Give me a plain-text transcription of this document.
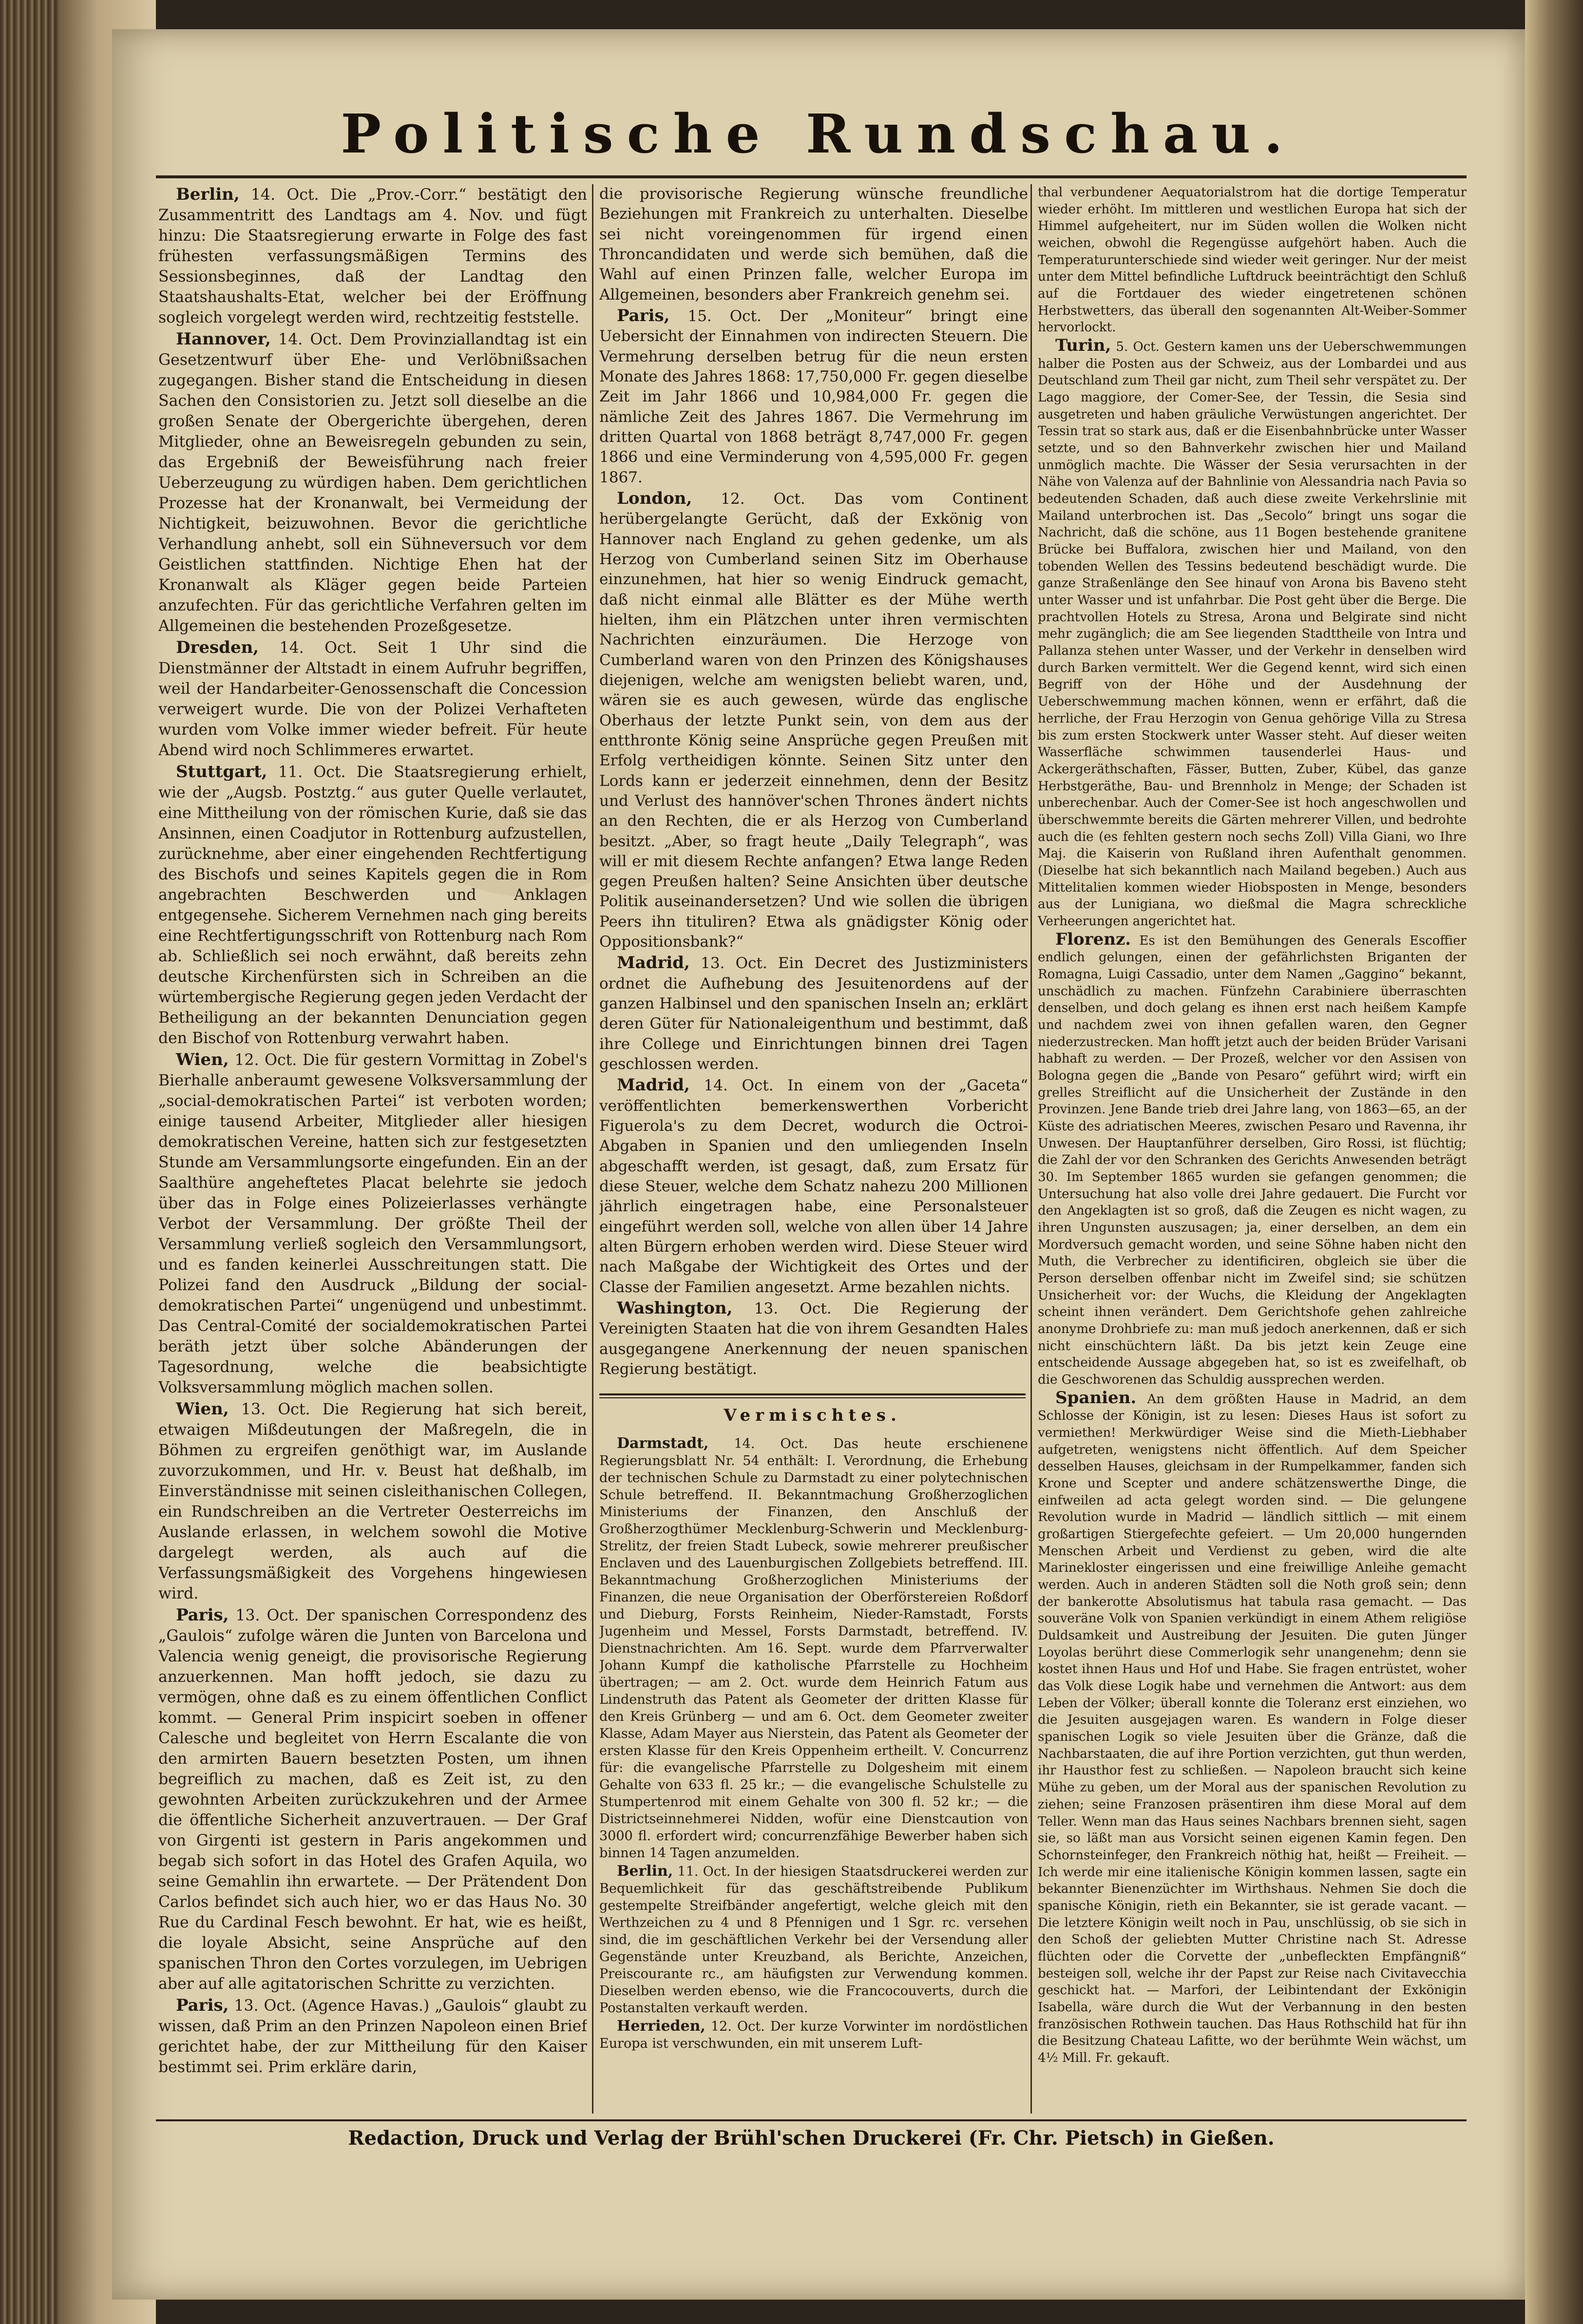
Politische Rundschau.

Berlin, 14. Oct. Die „Prov.-Corr.“ bestätigt den Zusammentritt des Landtags am 4. Nov. und fügt hinzu: Die Staatsregierung erwarte in Folge des fast frühesten verfassungsmäßigen Termins des Sessionsbeginnes, daß der Landtag den Staatshaushalts-Etat, welcher bei der Eröffnung sogleich vorgelegt werden wird, rechtzeitig feststelle.

Hannover, 14. Oct. Dem Provinziallandtag ist ein Gesetzentwurf über Ehe- und Verlöbnißsachen zugegangen. Bisher stand die Entscheidung in diesen Sachen den Consistorien zu. Jetzt soll dieselbe an die großen Senate der Obergerichte übergehen, deren Mitglieder, ohne an Beweisregeln gebunden zu sein, das Ergebniß der Beweisführung nach freier Ueberzeugung zu würdigen haben. Dem gerichtlichen Prozesse hat der Kronanwalt, bei Vermeidung der Nichtigkeit, beizuwohnen. Bevor die gerichtliche Verhandlung anhebt, soll ein Sühneversuch vor dem Geistlichen stattfinden. Nichtige Ehen hat der Kronanwalt als Kläger gegen beide Parteien anzufechten. Für das gerichtliche Verfahren gelten im Allgemeinen die bestehenden Prozeßgesetze.

Dresden, 14. Oct. Seit 1 Uhr sind die Dienstmänner der Altstadt in einem Aufruhr begriffen, weil der Handarbeiter-Genossenschaft die Concession verweigert wurde. Die von der Polizei Verhafteten wurden vom Volke immer wieder befreit. Für heute Abend wird noch Schlimmeres erwartet.

Stuttgart, 11. Oct. Die Staatsregierung erhielt, wie der „Augsb. Postztg.“ aus guter Quelle verlautet, eine Mittheilung von der römischen Kurie, daß sie das Ansinnen, einen Coadjutor in Rottenburg aufzustellen, zurücknehme, aber einer eingehenden Rechtfertigung des Bischofs und seines Kapitels gegen die in Rom angebrachten Beschwerden und Anklagen entgegensehe. Sicherem Vernehmen nach ging bereits eine Rechtfertigungsschrift von Rottenburg nach Rom ab. Schließlich sei noch erwähnt, daß bereits zehn deutsche Kirchenfürsten sich in Schreiben an die würtembergische Regierung gegen jeden Verdacht der Betheiligung an der bekannten Denunciation gegen den Bischof von Rottenburg verwahrt haben.

Wien, 12. Oct. Die für gestern Vormittag in Zobel's Bierhalle anberaumt gewesene Volksversammlung der „social-demokratischen Partei“ ist verboten worden; einige tausend Arbeiter, Mitglieder aller hiesigen demokratischen Vereine, hatten sich zur festgesetzten Stunde am Versammlungsorte eingefunden. Ein an der Saalthüre angeheftetes Placat belehrte sie jedoch über das in Folge eines Polizeierlasses verhängte Verbot der Versammlung. Der größte Theil der Versammlung verließ sogleich den Versammlungsort, und es fanden keinerlei Ausschreitungen statt. Die Polizei fand den Ausdruck „Bildung der social-demokratischen Partei“ ungenügend und unbestimmt. Das Central-Comité der socialdemokratischen Partei beräth jetzt über solche Abänderungen der Tagesordnung, welche die beabsichtigte Volksversammlung möglich machen sollen.

Wien, 13. Oct. Die Regierung hat sich bereit, etwaigen Mißdeutungen der Maßregeln, die in Böhmen zu ergreifen genöthigt war, im Auslande zuvorzukommen, und Hr. v. Beust hat deßhalb, im Einverständnisse mit seinen cisleithanischen Collegen, ein Rundschreiben an die Vertreter Oesterreichs im Auslande erlassen, in welchem sowohl die Motive dargelegt werden, als auch auf die Verfassungsmäßigkeit des Vorgehens hingewiesen wird.

Paris, 13. Oct. Der spanischen Correspondenz des „Gaulois“ zufolge wären die Junten von Barcelona und Valencia wenig geneigt, die provisorische Regierung anzuerkennen. Man hofft jedoch, sie dazu zu vermögen, ohne daß es zu einem öffentlichen Conflict kommt. — General Prim inspicirt soeben in offener Calesche und begleitet von Herrn Escalante die von den armirten Bauern besetzten Posten, um ihnen begreiflich zu machen, daß es Zeit ist, zu den gewohnten Arbeiten zurückzukehren und der Armee die öffentliche Sicherheit anzuvertrauen. — Der Graf von Girgenti ist gestern in Paris angekommen und begab sich sofort in das Hotel des Grafen Aquila, wo seine Gemahlin ihn erwartete. — Der Prätendent Don Carlos befindet sich auch hier, wo er das Haus No. 30 Rue du Cardinal Fesch bewohnt. Er hat, wie es heißt, die loyale Absicht, seine Ansprüche auf den spanischen Thron den Cortes vorzulegen, im Uebrigen aber auf alle agitatorischen Schritte zu verzichten.

Paris, 13. Oct. (Agence Havas.) „Gaulois“ glaubt zu wissen, daß Prim an den Prinzen Napoleon einen Brief gerichtet habe, der zur Mittheilung für den Kaiser bestimmt sei. Prim erkläre darin,

die provisorische Regierung wünsche freundliche Beziehungen mit Frankreich zu unterhalten. Dieselbe sei nicht voreingenommen für irgend einen Throncandidaten und werde sich bemühen, daß die Wahl auf einen Prinzen falle, welcher Europa im Allgemeinen, besonders aber Frankreich genehm sei.

Paris, 15. Oct. Der „Moniteur“ bringt eine Uebersicht der Einnahmen von indirecten Steuern. Die Vermehrung derselben betrug für die neun ersten Monate des Jahres 1868: 17,750,000 Fr. gegen dieselbe Zeit im Jahr 1866 und 10,984,000 Fr. gegen die nämliche Zeit des Jahres 1867. Die Vermehrung im dritten Quartal von 1868 beträgt 8,747,000 Fr. gegen 1866 und eine Verminderung von 4,595,000 Fr. gegen 1867.

London, 12. Oct. Das vom Continent herübergelangte Gerücht, daß der Exkönig von Hannover nach England zu gehen gedenke, um als Herzog von Cumberland seinen Sitz im Oberhause einzunehmen, hat hier so wenig Eindruck gemacht, daß nicht einmal alle Blätter es der Mühe werth hielten, ihm ein Plätzchen unter ihren vermischten Nachrichten einzuräumen. Die Herzoge von Cumberland waren von den Prinzen des Königshauses diejenigen, welche am wenigsten beliebt waren, und, wären sie es auch gewesen, würde das englische Oberhaus der letzte Punkt sein, von dem aus der entthronte König seine Ansprüche gegen Preußen mit Erfolg vertheidigen könnte. Seinen Sitz unter den Lords kann er jederzeit einnehmen, denn der Besitz und Verlust des hannöver'schen Thrones ändert nichts an den Rechten, die er als Herzog von Cumberland besitzt. „Aber, so fragt heute „Daily Telegraph“, was will er mit diesem Rechte anfangen? Etwa lange Reden gegen Preußen halten? Seine Ansichten über deutsche Politik auseinandersetzen? Und wie sollen die übrigen Peers ihn tituliren? Etwa als gnädigster König oder Oppositionsbank?“

Madrid, 13. Oct. Ein Decret des Justizministers ordnet die Aufhebung des Jesuitenordens auf der ganzen Halbinsel und den spanischen Inseln an; erklärt deren Güter für Nationaleigenthum und bestimmt, daß ihre College und Einrichtungen binnen drei Tagen geschlossen werden.

Madrid, 14. Oct. In einem von der „Gaceta“ veröffentlichten bemerkenswerthen Vorbericht Figuerola's zu dem Decret, wodurch die Octroi-Abgaben in Spanien und den umliegenden Inseln abgeschafft werden, ist gesagt, daß, zum Ersatz für diese Steuer, welche dem Schatz nahezu 200 Millionen jährlich eingetragen habe, eine Personalsteuer eingeführt werden soll, welche von allen über 14 Jahre alten Bürgern erhoben werden wird. Diese Steuer wird nach Maßgabe der Wichtigkeit des Ortes und der Classe der Familien angesetzt. Arme bezahlen nichts.

Washington, 13. Oct. Die Regierung der Vereinigten Staaten hat die von ihrem Gesandten Hales ausgegangene Anerkennung der neuen spanischen Regierung bestätigt.

Vermischtes.

Darmstadt, 14. Oct. Das heute erschienene Regierungsblatt Nr. 54 enthält: I. Verordnung, die Erhebung der technischen Schule zu Darmstadt zu einer polytechnischen Schule betreffend. II. Bekanntmachung Großherzoglichen Ministeriums der Finanzen, den Anschluß der Großherzogthümer Mecklenburg-Schwerin und Mecklenburg-Strelitz, der freien Stadt Lubeck, sowie mehrerer preußischer Enclaven und des Lauenburgischen Zollgebiets betreffend. III. Bekanntmachung Großherzoglichen Ministeriums der Finanzen, die neue Organisation der Oberförstereien Roßdorf und Dieburg, Forsts Reinheim, Nieder-Ramstadt, Forsts Jugenheim und Messel, Forsts Darmstadt, betreffend. IV. Dienstnachrichten. Am 16. Sept. wurde dem Pfarrverwalter Johann Kumpf die katholische Pfarrstelle zu Hochheim übertragen; — am 2. Oct. wurde dem Heinrich Fatum aus Lindenstruth das Patent als Geometer der dritten Klasse für den Kreis Grünberg — und am 6. Oct. dem Geometer zweiter Klasse, Adam Mayer aus Nierstein, das Patent als Geometer der ersten Klasse für den Kreis Oppenheim ertheilt. V. Concurrenz für: die evangelische Pfarrstelle zu Dolgesheim mit einem Gehalte von 633 fl. 25 kr.; — die evangelische Schulstelle zu Stumpertenrod mit einem Gehalte von 300 fl. 52 kr.; — die Districtseinnehmerei Nidden, wofür eine Dienstcaution von 3000 fl. erfordert wird; concurrenzfähige Bewerber haben sich binnen 14 Tagen anzumelden.

Berlin, 11. Oct. In der hiesigen Staatsdruckerei werden zur Bequemlichkeit für das geschäftstreibende Publikum gestempelte Streifbänder angefertigt, welche gleich mit den Werthzeichen zu 4 und 8 Pfennigen und 1 Sgr. rc. versehen sind, die im geschäftlichen Verkehr bei der Versendung aller Gegenstände unter Kreuzband, als Berichte, Anzeichen, Preiscourante rc., am häufigsten zur Verwendung kommen. Dieselben werden ebenso, wie die Francocouverts, durch die Postanstalten verkauft werden.

Herrieden, 12. Oct. Der kurze Vorwinter im nordöstlichen Europa ist verschwunden, ein mit unserem Luft-

thal verbundener Aequatorialstrom hat die dortige Temperatur wieder erhöht. Im mittleren und westlichen Europa hat sich der Himmel aufgeheitert, nur im Süden wollen die Wolken nicht weichen, obwohl die Regengüsse aufgehört haben. Auch die Temperaturunterschiede sind wieder weit geringer. Nur der meist unter dem Mittel befindliche Luftdruck beeinträchtigt den Schluß auf die Fortdauer des wieder eingetretenen schönen Herbstwetters, das überall den sogenannten Alt-Weiber-Sommer hervorlockt.

Turin, 5. Oct. Gestern kamen uns der Ueberschwemmungen halber die Posten aus der Schweiz, aus der Lombardei und aus Deutschland zum Theil gar nicht, zum Theil sehr verspätet zu. Der Lago maggiore, der Comer-See, der Tessin, die Sesia sind ausgetreten und haben gräuliche Verwüstungen angerichtet. Der Tessin trat so stark aus, daß er die Eisenbahnbrücke unter Wasser setzte, und so den Bahnverkehr zwischen hier und Mailand unmöglich machte. Die Wässer der Sesia verursachten in der Nähe von Valenza auf der Bahnlinie von Alessandria nach Pavia so bedeutenden Schaden, daß auch diese zweite Verkehrslinie mit Mailand unterbrochen ist. Das „Secolo“ bringt uns sogar die Nachricht, daß die schöne, aus 11 Bogen bestehende granitene Brücke bei Buffalora, zwischen hier und Mailand, von den tobenden Wellen des Tessins bedeutend beschädigt wurde. Die ganze Straßenlänge den See hinauf von Arona bis Baveno steht unter Wasser und ist unfahrbar. Die Post geht über die Berge. Die prachtvollen Hotels zu Stresa, Arona und Belgirate sind nicht mehr zugänglich; die am See liegenden Stadttheile von Intra und Pallanza stehen unter Wasser, und der Verkehr in denselben wird durch Barken vermittelt. Wer die Gegend kennt, wird sich einen Begriff von der Höhe und der Ausdehnung der Ueberschwemmung machen können, wenn er erfährt, daß die herrliche, der Frau Herzogin von Genua gehörige Villa zu Stresa bis zum ersten Stockwerk unter Wasser steht. Auf dieser weiten Wasserfläche schwimmen tausenderlei Haus- und Ackergeräthschaften, Fässer, Butten, Zuber, Kübel, das ganze Herbstgeräthe, Bau- und Brennholz in Menge; der Schaden ist unberechenbar. Auch der Comer-See ist hoch angeschwollen und überschwemmte bereits die Gärten mehrerer Villen, und bedrohte auch die (es fehlten gestern noch sechs Zoll) Villa Giani, wo Ihre Maj. die Kaiserin von Rußland ihren Aufenthalt genommen. (Dieselbe hat sich bekanntlich nach Mailand begeben.) Auch aus Mittelitalien kommen wieder Hiobsposten in Menge, besonders aus der Lunigiana, wo dießmal die Magra schreckliche Verheerungen angerichtet hat.

Florenz. Es ist den Bemühungen des Generals Escoffier endlich gelungen, einen der gefährlichsten Briganten der Romagna, Luigi Cassadio, unter dem Namen „Gaggino“ bekannt, unschädlich zu machen. Fünfzehn Carabiniere überraschten denselben, und doch gelang es ihnen erst nach heißem Kampfe und nachdem zwei von ihnen gefallen waren, den Gegner niederzustrecken. Man hofft jetzt auch der beiden Brüder Varisani habhaft zu werden. — Der Prozeß, welcher vor den Assisen von Bologna gegen die „Bande von Pesaro“ geführt wird; wirft ein grelles Streiflicht auf die Unsicherheit der Zustände in den Provinzen. Jene Bande trieb drei Jahre lang, von 1863—65, an der Küste des adriatischen Meeres, zwischen Pesaro und Ravenna, ihr Unwesen. Der Hauptanführer derselben, Giro Rossi, ist flüchtig; die Zahl der vor den Schranken des Gerichts Anwesenden beträgt 30. Im September 1865 wurden sie gefangen genommen; die Untersuchung hat also volle drei Jahre gedauert. Die Furcht vor den Angeklagten ist so groß, daß die Zeugen es nicht wagen, zu ihren Ungunsten auszusagen; ja, einer derselben, an dem ein Mordversuch gemacht worden, und seine Söhne haben nicht den Muth, die Verbrecher zu identificiren, obgleich sie über die Person derselben offenbar nicht im Zweifel sind; sie schützen Unsicherheit vor: der Wuchs, die Kleidung der Angeklagten scheint ihnen verändert. Dem Gerichtshofe gehen zahlreiche anonyme Drohbriefe zu: man muß jedoch anerkennen, daß er sich nicht einschüchtern läßt. Da bis jetzt kein Zeuge eine entscheidende Aussage abgegeben hat, so ist es zweifelhaft, ob die Geschworenen das Schuldig aussprechen werden.

Spanien. An dem größten Hause in Madrid, an dem Schlosse der Königin, ist zu lesen: Dieses Haus ist sofort zu vermiethen! Merkwürdiger Weise sind die Mieth-Liebhaber aufgetreten, wenigstens nicht öffentlich. Auf dem Speicher desselben Hauses, gleichsam in der Rumpelkammer, fanden sich Krone und Scepter und andere schätzenswerthe Dinge, die einfweilen ad acta gelegt worden sind. — Die gelungene Revolution wurde in Madrid — ländlich sittlich — mit einem großartigen Stiergefechte gefeiert. — Um 20,000 hungernden Menschen Arbeit und Verdienst zu geben, wird die alte Marinekloster eingerissen und eine freiwillige Anleihe gemacht werden. Auch in anderen Städten soll die Noth groß sein; denn der bankerotte Absolutismus hat tabula rasa gemacht. — Das souveräne Volk von Spanien verkündigt in einem Athem religiöse Duldsamkeit und Austreibung der Jesuiten. Die guten Jünger Loyolas berührt diese Commerlogik sehr unangenehm; denn sie kostet ihnen Haus und Hof und Habe. Sie fragen entrüstet, woher das Volk diese Logik habe und vernehmen die Antwort: aus dem Leben der Völker; überall konnte die Toleranz erst einziehen, wo die Jesuiten ausgejagen waren. Es wandern in Folge dieser spanischen Logik so viele Jesuiten über die Gränze, daß die Nachbarstaaten, die auf ihre Portion verzichten, gut thun werden, ihr Hausthor fest zu schließen. — Napoleon braucht sich keine Mühe zu geben, um der Moral aus der spanischen Revolution zu ziehen; seine Franzosen präsentiren ihm diese Moral auf dem Teller. Wenn man das Haus seines Nachbars brennen sieht, sagen sie, so läßt man aus Vorsicht seinen eigenen Kamin fegen. Den Schornsteinfeger, den Frankreich nöthig hat, heißt — Freiheit. — Ich werde mir eine italienische Königin kommen lassen, sagte ein bekannter Bienenzüchter im Wirthshaus. Nehmen Sie doch die spanische Königin, rieth ein Bekannter, sie ist gerade vacant. — Die letztere Königin weilt noch in Pau, unschlüssig, ob sie sich in den Schoß der geliebten Mutter Christine nach St. Adresse flüchten oder die Corvette der „unbefleckten Empfängniß“ besteigen soll, welche ihr der Papst zur Reise nach Civitavecchia geschickt hat. — Marfori, der Leibintendant der Exkönigin Isabella, wäre durch die Wut der Verbannung in den besten französischen Rothwein tauchen. Das Haus Rothschild hat für ihn die Besitzung Chateau Lafitte, wo der berühmte Wein wächst, um 4½ Mill. Fr. gekauft.

Redaction, Druck und Verlag der Brühl'schen Druckerei (Fr. Chr. Pietsch) in Gießen.
